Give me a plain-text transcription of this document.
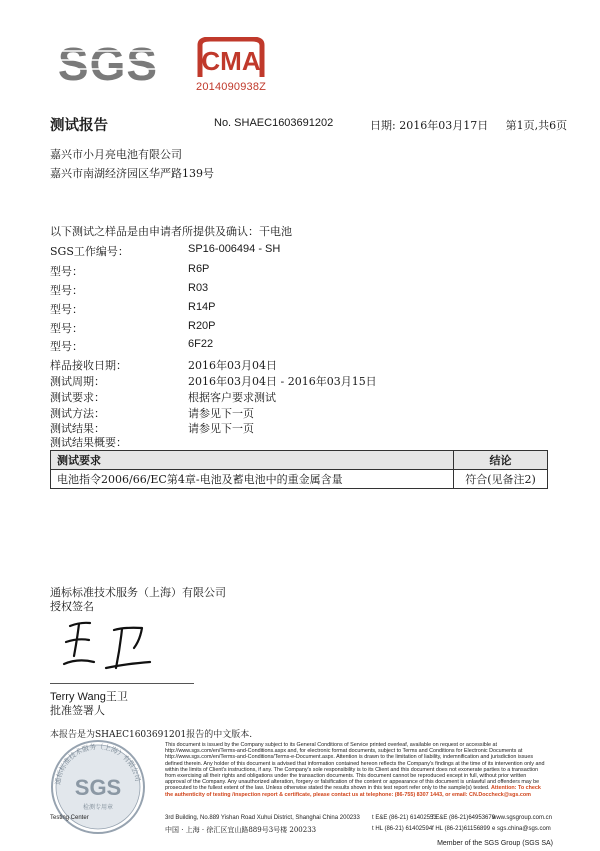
SGS CMA
2014090938Z
测试报告	No. SHAEC1603691202	日期: 2016年03月17日     第1页,共6页
嘉兴市小月亮电池有限公司
嘉兴市南湖经济园区华严路139号
以下测试之样品是由申请者所提供及确认：干电池
SGS工作编号：	SP16-006494 - SH
型号：	R6P
型号：	R03
型号：	R14P
型号：	R20P
型号：	6F22
样品接收日期：	2016年03月04日
测试周期：	2016年03月04日 - 2016年03月15日
测试要求：	根据客户要求测试
测试方法：	请参见下一页
测试结果：	请参见下一页
测试结果概要：
测试要求	结论
电池指令2006/66/EC第4章-电池及蓄电池中的重金属含量	符合(见备注2)
通标标准技术服务（上海）有限公司
授权签名
Terry Wang王卫
批准签署人
本报告是为SHAEC1603691201报告的中文版本.
通标标准技术服务（上海）有限公司
SGS
检测专用章
This document is issued by the Company subject to its General Conditions of Service printed overleaf, available on request or accessible at http://www.sgs.com/en/Terms-and-Conditions.aspx and, for electronic format documents, subject to Terms and Conditions for Electronic Documents at http://www.sgs.com/en/Terms-and-Conditions/Terms-e-Document.aspx. Attention is drawn to the limitation of liability, indemnification and jurisdiction issues defined therein. Any holder of this document is advised that information contained hereon reflects the Company's findings at the time of its intervention only and within the limits of Client's instructions, if any. The Company's sole responsibility is to its Client and this document does not exonerate parties to a transaction from exercising all their rights and obligations under the transaction documents. This document cannot be reproduced except in full, without prior written approval of the Company. Any unauthorized alteration, forgery or falsification of the content or appearance of this document is unlawful and offenders may be prosecuted to the fullest extent of the law. Unless otherwise stated the results shown in this test report refer only to the sample(s) tested. Attention: To check the authenticity of testing /inspection report & certificate, please contact us at telephone: (86-755) 8307 1443, or email: CN.Doccheck@sgs.com
Testing Center	3rd Building, No.889 Yishan Road Xuhui District, Shanghai China 200233 t E&E (86-21) 61402553
f E&E (86-21)64953679
www.sgsgroup.com.cn
中国 · 上海 · 徐汇区宜山路889号3号楼 200233	t HL (86-21) 61402594 f HL (86-21)61156899 e sgs.china@sgs.com
Member of the SGS Group (SGS SA)
